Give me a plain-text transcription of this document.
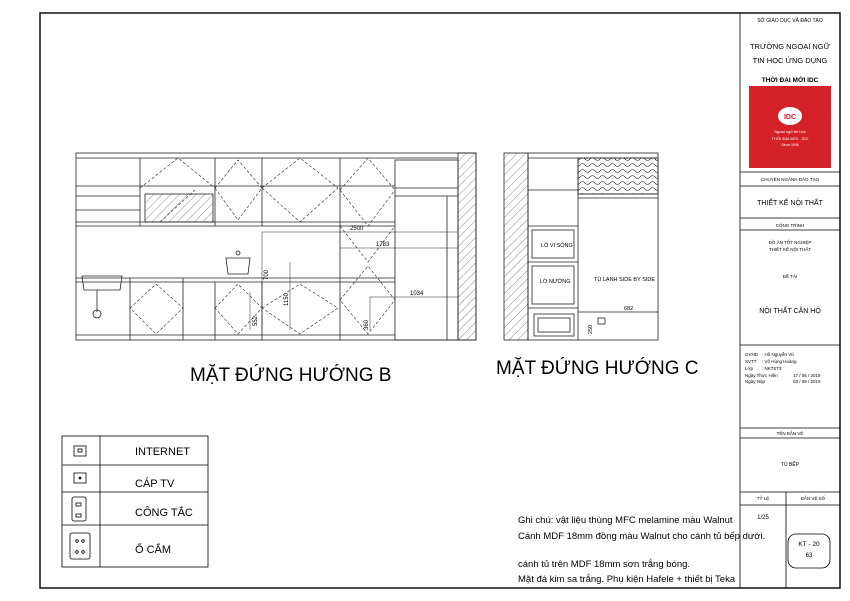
2500
1783
1034
700
1150
552	360
MẶT ĐỨNG HƯỚNG B
LÒ VI SÓNG
LÒ NƯỚNG	TỦ LẠNH SIDE BY SIDE
682
250
MẶT ĐỨNG HƯỚNG C
INTERNET
CÁP TV
CÔNG TẮC
Ổ CẮM
Ghi chú: vật liệu thùng MFC melamine màu Walnut
Cánh MDF 18mm đồng màu Walnut cho cánh tủ bếp dưới.
cánh tủ trên MDF 18mm sơn trắng bóng.
Mặt đá kim sa trắng. Phụ kiện Hafele + thiết bị Teka
SỞ GIÁO DỤC VÀ ĐÀO TẠO
TRƯỜNG NGOẠI NGỮ
TIN HỌC ỨNG DỤNG
THỜI ĐẠI MỚI IDC
IDC
Ngoại ngữ tin học
THỜI ĐẠI MỚI - IDC
Since 1996
CHUYÊN NGÀNH ĐÀO TẠO
THIẾT KẾ NỘI THẤT
CÔNG TRÌNH
ĐỒ ÁN TỐT NGHIỆP
THIẾT KẾ NỘI THẤT
ĐỀ TÀI
NỘI THẤT CĂN HỘ
GVHD : Hồ Nguyễn Vũ
SVTT : Võ Hùng Hoàng
Lớp : NK7ST3
Ngày Thực Hiện	17 / 06 / 2019
Ngày Nộp	03 / 09 / 2019
TÊN BẢN VẼ
TỦ BẾP
TỶ LỆ
1/25
BẢN VẼ SỐ
KT - 20
63
